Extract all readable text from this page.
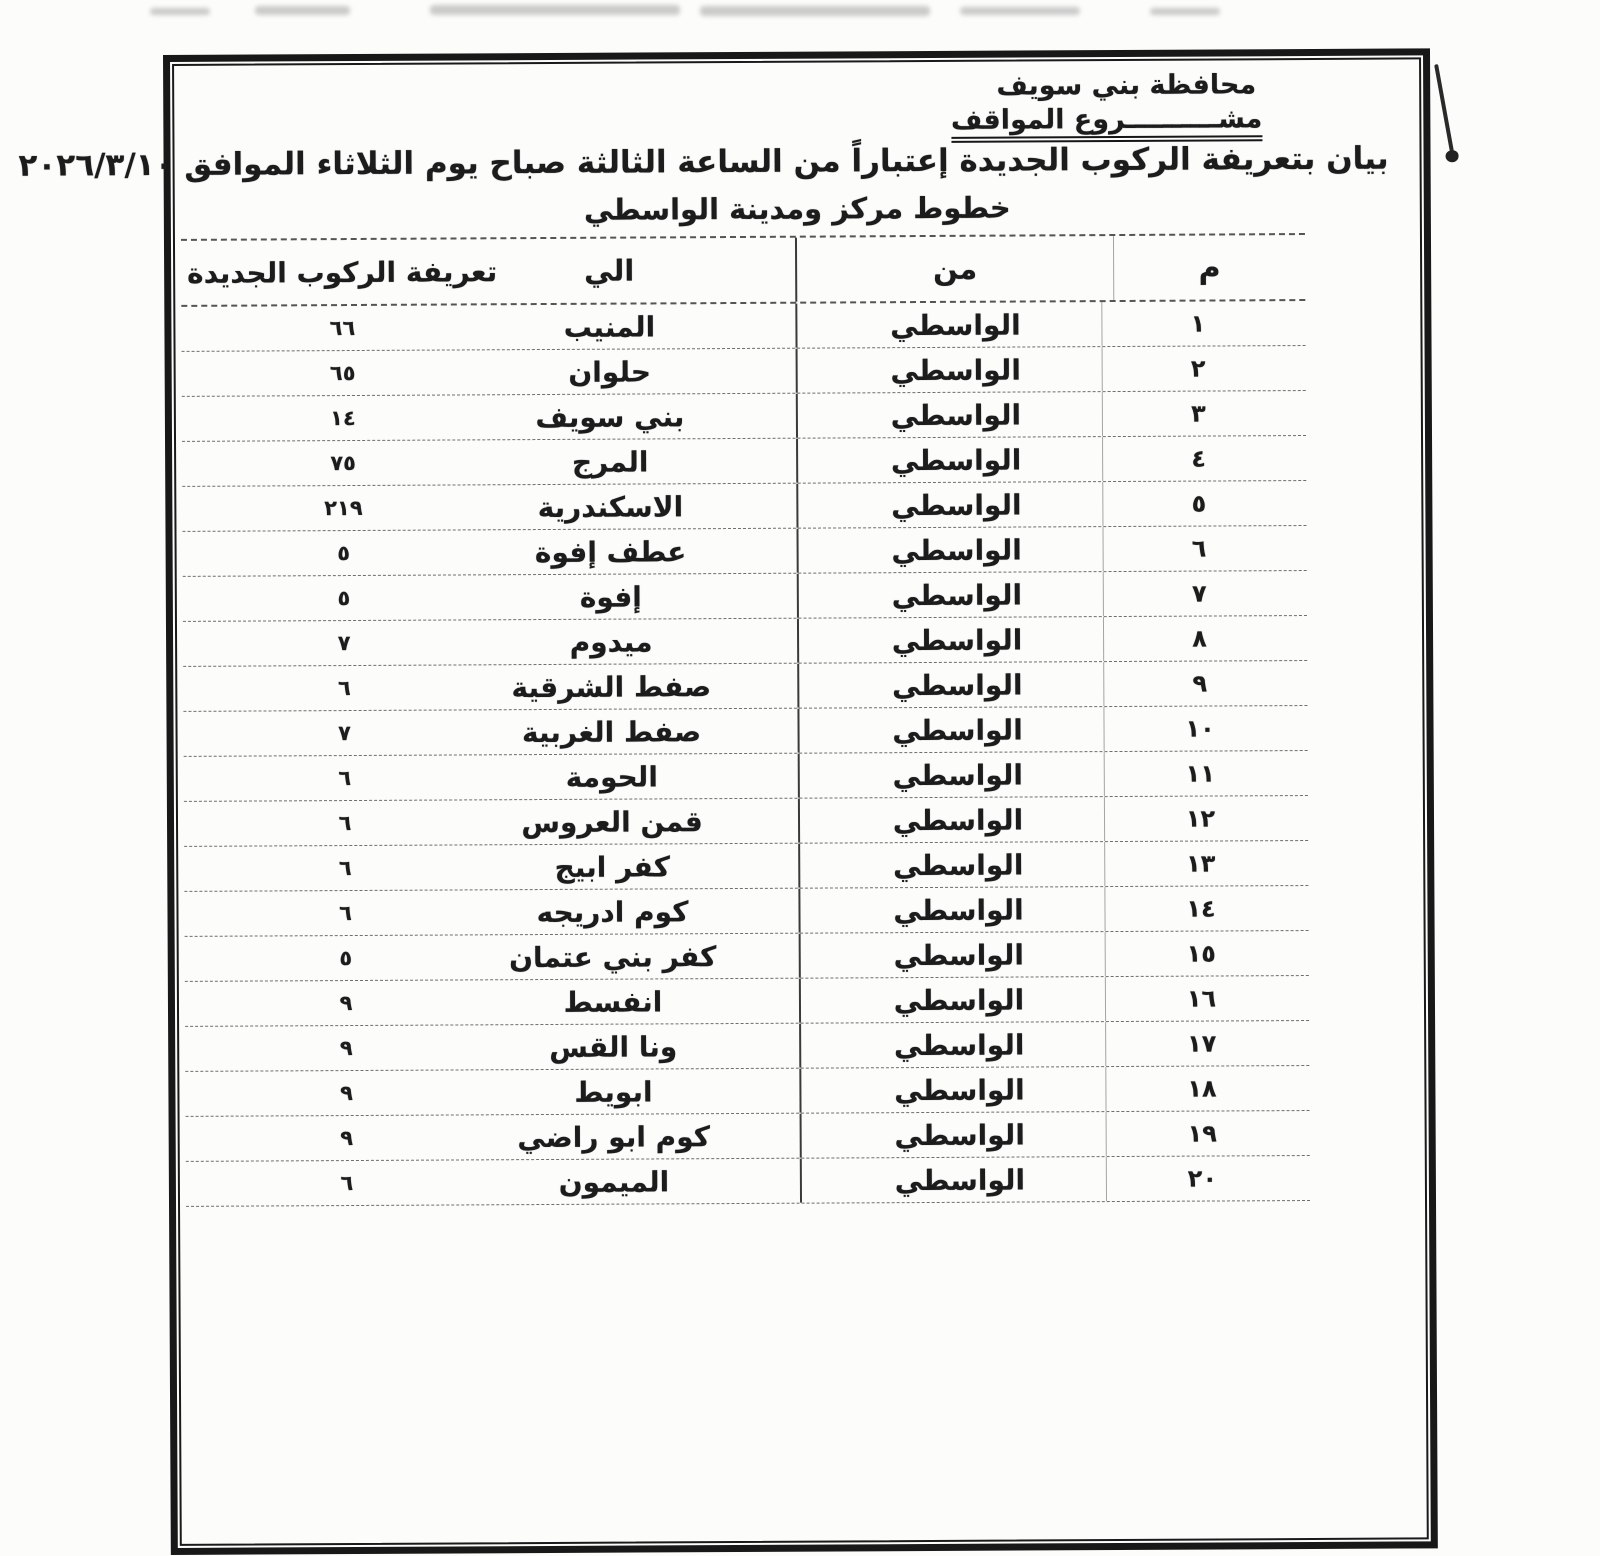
محافظة بني سويف
مشــــــــــروع المواقف
بيان بتعريفة الركوب الجديدة إعتباراً من الساعة الثالثة صباح يوم الثلاثاء الموافق ٢٠٢٦/٣/١٠
خطوط مركز ومدينة الواسطي
م
من
الي
تعريفة الركوب الجديدة
١
الواسطي
المنيب
٦٦
٢
الواسطي
حلوان
٦٥
٣
الواسطي
بني سويف
١٤
٤
الواسطي
المرج
٧٥
٥
الواسطي
الاسكندرية
٢١٩
٦
الواسطي
عطف إفوة
٥
٧
الواسطي
إفوة
٥
٨
الواسطي
ميدوم
٧
٩
الواسطي
صفط الشرقية
٦
١٠
الواسطي
صفط الغربية
٧
١١
الواسطي
الحومة
٦
١٢
الواسطي
قمن العروس
٦
١٣
الواسطي
كفر ابيج
٦
١٤
الواسطي
كوم ادريجه
٦
١٥
الواسطي
كفر بني عتمان
٥
١٦
الواسطي
انفسط
٩
١٧
الواسطي
ونا القس
٩
١٨
الواسطي
ابويط
٩
١٩
الواسطي
كوم ابو راضي
٩
٢٠
الواسطي
الميمون
٦
